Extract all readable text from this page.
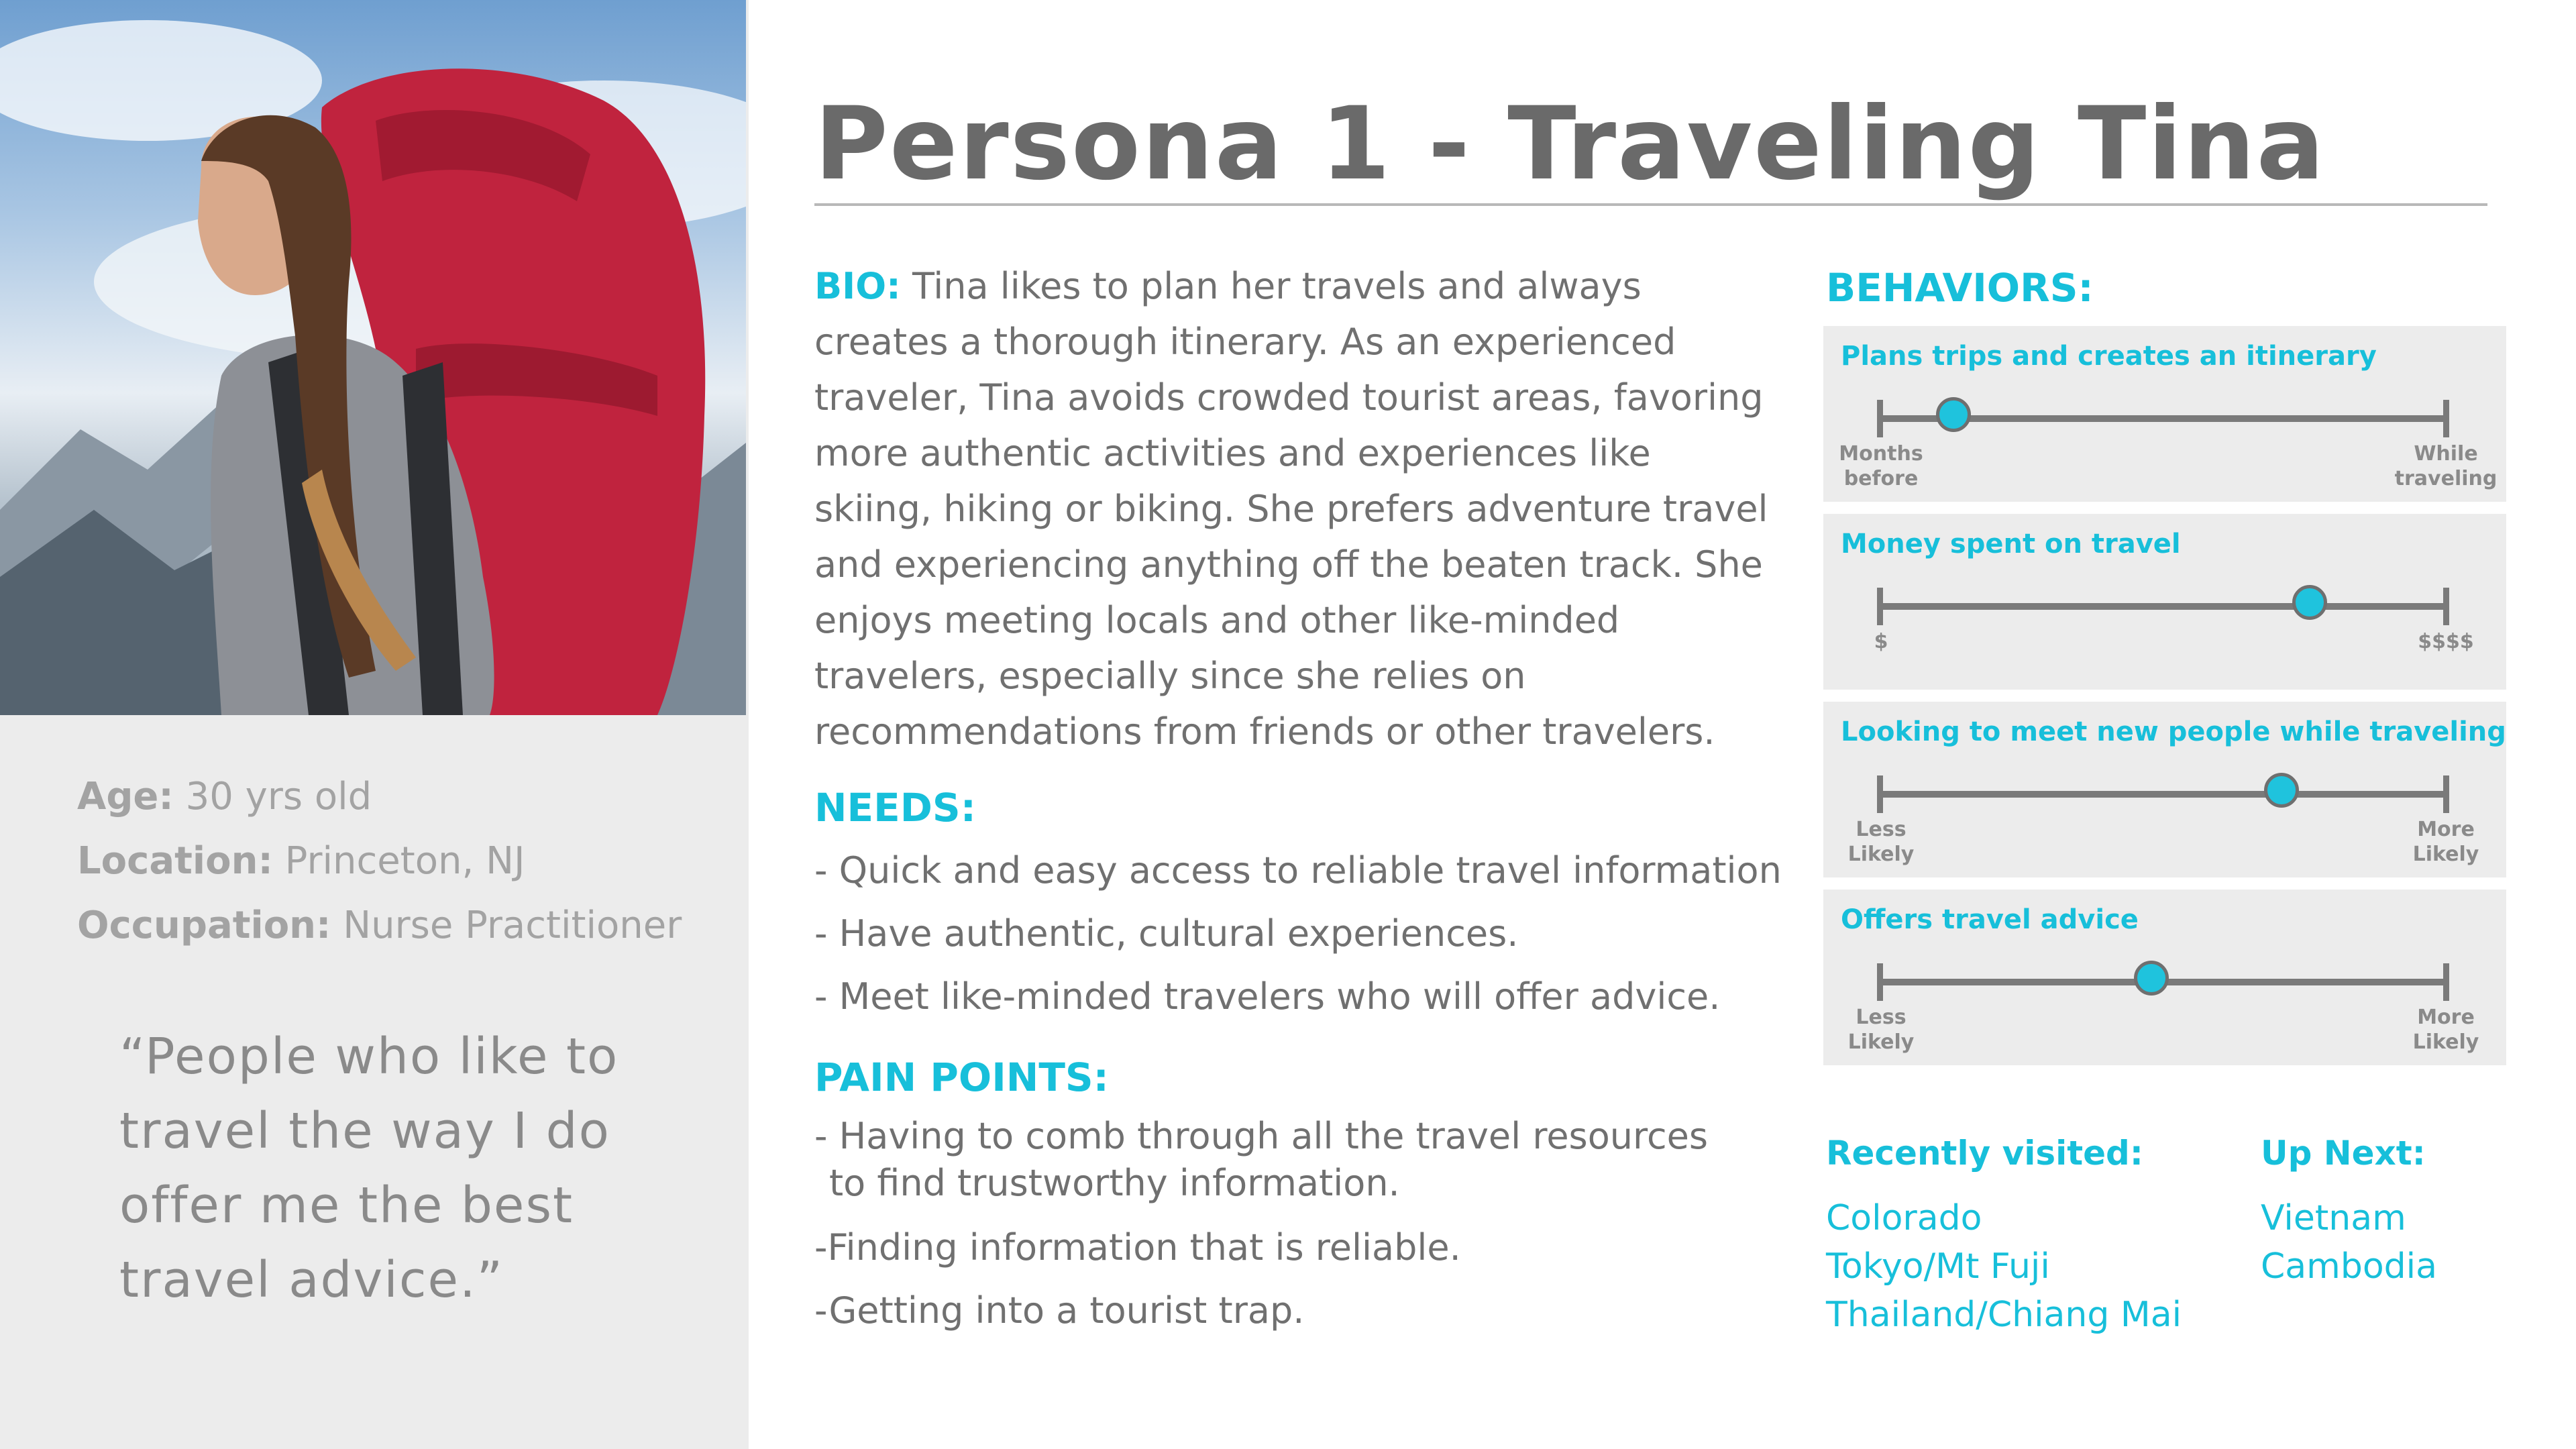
Age: 30 yrs old
Location: Princeton, NJ
Occupation: Nurse Practitioner
“People who like to travel the way I do offer me the best travel advice.”
Persona 1 - Traveling Tina
BIO: Tina likes to plan her travels and always creates a thorough itinerary. As an experienced traveler, Tina avoids crowded tourist areas, favoring more authentic activities and experiences like skiing, hiking or biking. She prefers adventure travel and experiencing anything off the beaten track. She enjoys meeting locals and other like-minded travelers, especially since she relies on recommendations from friends or other travelers.
NEEDS:
- Quick and easy access to reliable travel information
- Have authentic, cultural experiences.
- Meet like-minded travelers who will offer advice.
PAIN POINTS:
- Having to comb through all the travel resources
to find trustworthy information.
-Finding information that is reliable.
-Getting into a tourist trap.
BEHAVIORS:
Plans trips and creates an itinerary
Months before
While traveling
Money spent on travel
$	$$$$
Looking to meet new people while traveling
Less Likely
More Likely
Offers travel advice
Less Likely
More Likely
Recently visited:
Colorado
Tokyo/Mt Fuji
Thailand/Chiang Mai
Up Next:
Vietnam
Cambodia
